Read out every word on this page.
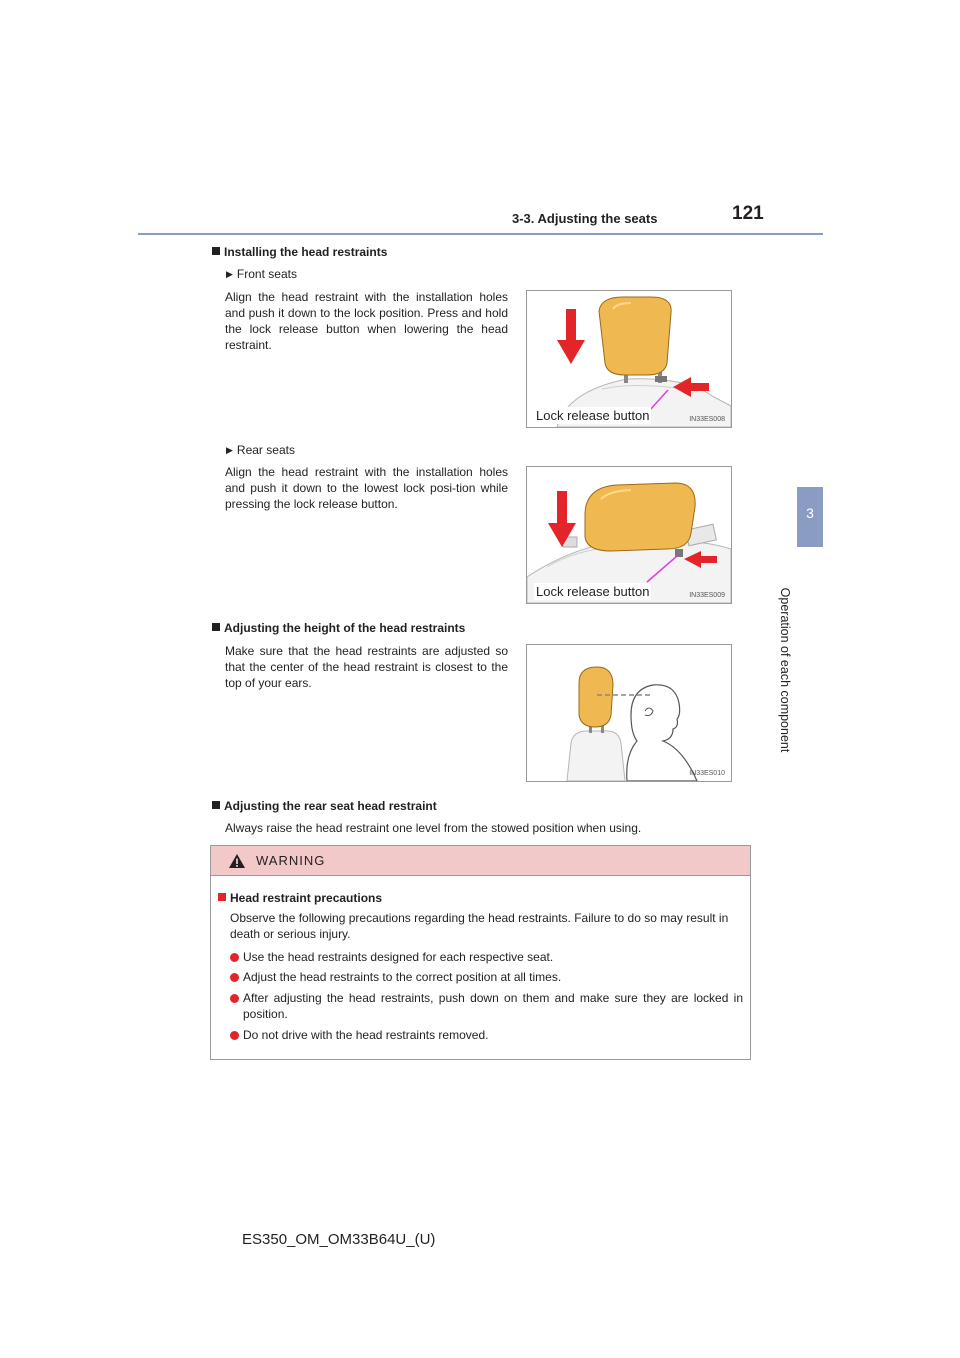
3-3. Adjusting the seats	121
3
Operation of each component
Installing the head restraints
▶ Front seats
Align the head restraint with the installation holes and push it down to the lock position. Press and hold the lock release button when lowering the head restraint.
Lock release button	IN33ES008
▶ Rear seats
Align the head restraint with the installation holes and push it down to the lowest lock posi-tion while pressing the lock release button.
Lock release button	IN33ES009
Adjusting the height of the head restraints
Make sure that the head restraints are adjusted so that the center of the head restraint is closest to the top of your ears.
IN33ES010
Adjusting the rear seat head restraint
Always raise the head restraint one level from the stowed position when using.
WARNING
Head restraint precautions
Observe the following precautions regarding the head restraints. Failure to do so may result in death or serious injury.
Use the head restraints designed for each respective seat.
Adjust the head restraints to the correct position at all times.
After adjusting the head restraints, push down on them and make sure they are locked in position.
Do not drive with the head restraints removed.
ES350_OM_OM33B64U_(U)
